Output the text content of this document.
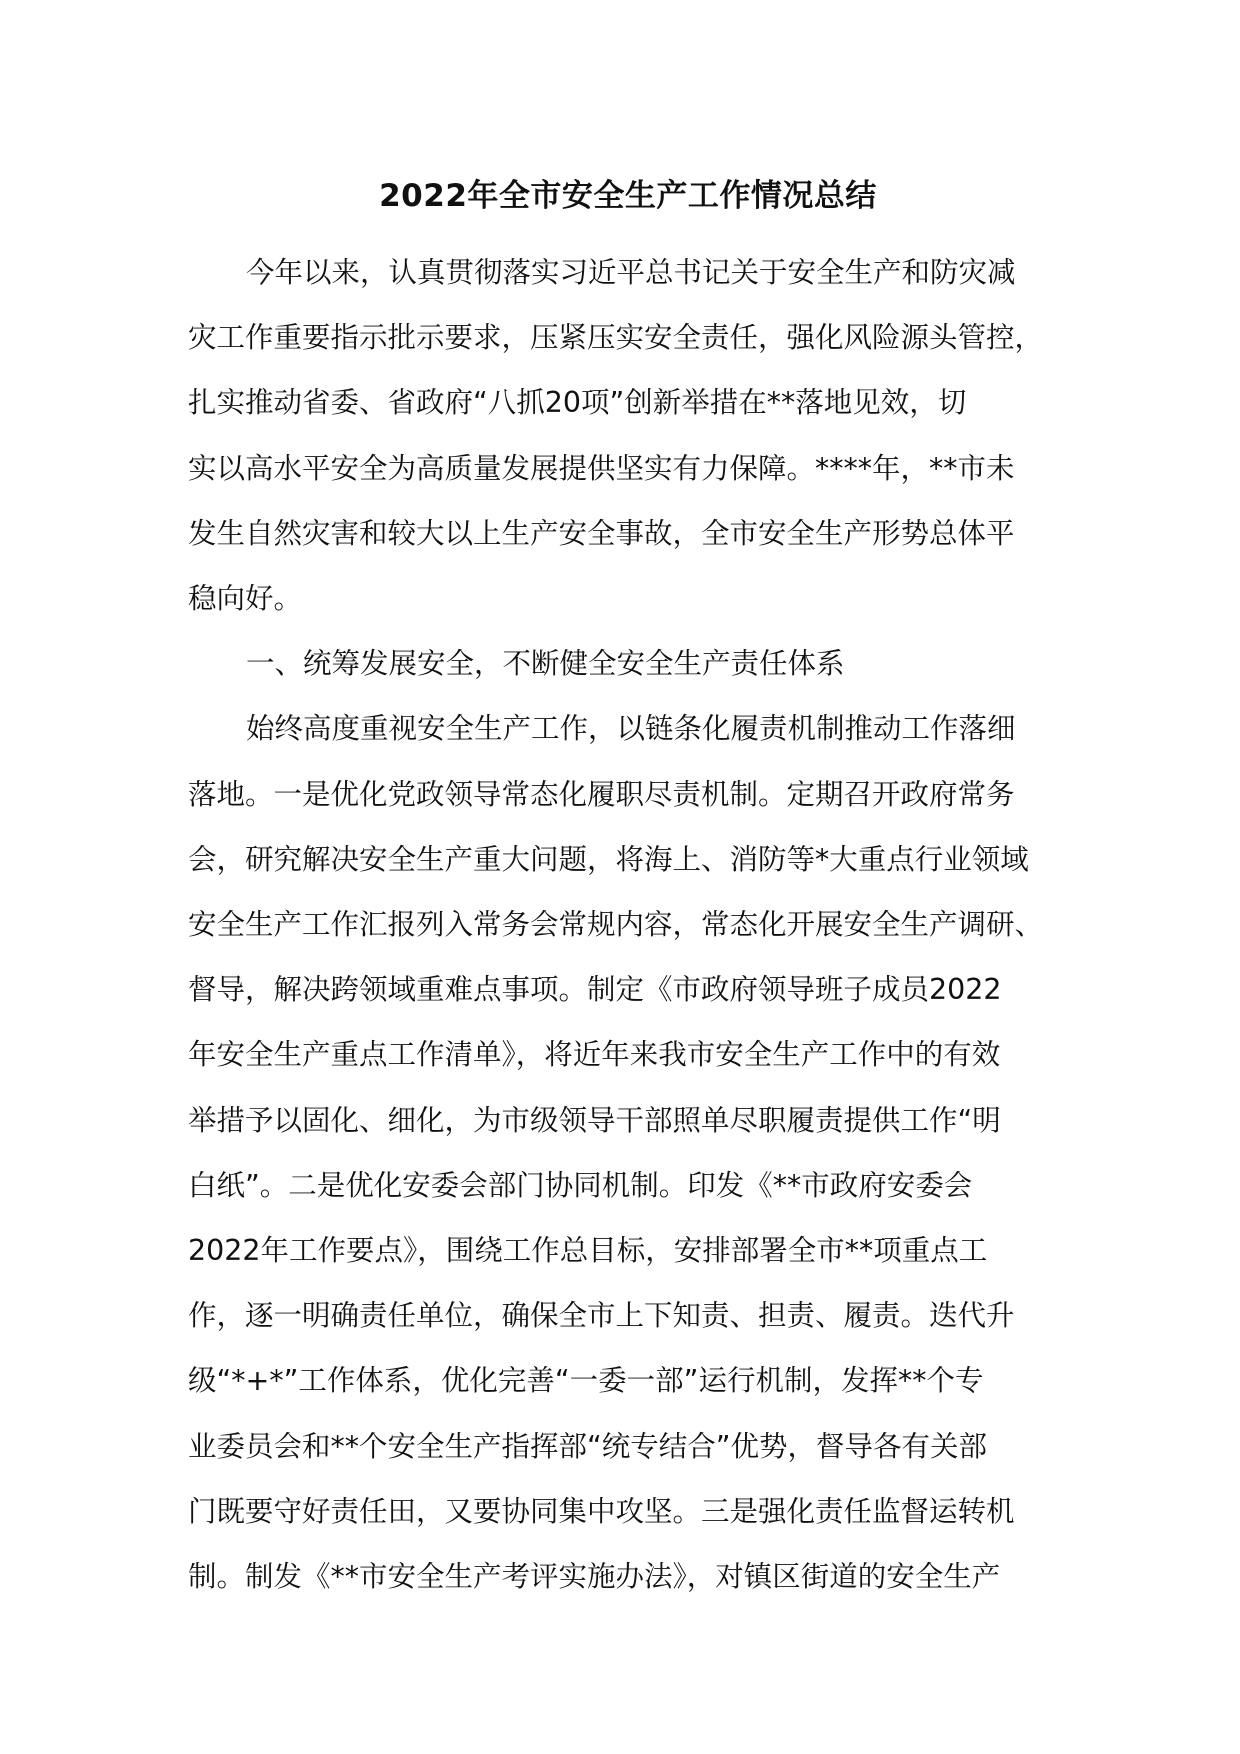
2022年全市安全生产工作情况总结
今年以来，认真贯彻落实习近平总书记关于安全生产和防灾减
灾工作重要指示批示要求，压紧压实安全责任，强化风险源头管控，
扎实推动省委、省政府“八抓20项”创新举措在**落地见效，切
实以高水平安全为高质量发展提供坚实有力保障。****年，**市未
发生自然灾害和较大以上生产安全事故，全市安全生产形势总体平
稳向好。
一、统筹发展安全，不断健全安全生产责任体系
始终高度重视安全生产工作，以链条化履责机制推动工作落细
落地。一是优化党政领导常态化履职尽责机制。定期召开政府常务
会，研究解决安全生产重大问题，将海上、消防等*大重点行业领域
安全生产工作汇报列入常务会常规内容，常态化开展安全生产调研、
督导，解决跨领域重难点事项。制定《市政府领导班子成员2022
年安全生产重点工作清单》，将近年来我市安全生产工作中的有效
举措予以固化、细化，为市级领导干部照单尽职履责提供工作“明
白纸”。二是优化安委会部门协同机制。印发《**市政府安委会
2022年工作要点》，围绕工作总目标，安排部署全市**项重点工
作，逐一明确责任单位，确保全市上下知责、担责、履责。迭代升
级“*+*”工作体系，优化完善“一委一部”运行机制，发挥**个专
业委员会和**个安全生产指挥部“统专结合”优势，督导各有关部
门既要守好责任田，又要协同集中攻坚。三是强化责任监督运转机
制。制发《**市安全生产考评实施办法》，对镇区街道的安全生产
